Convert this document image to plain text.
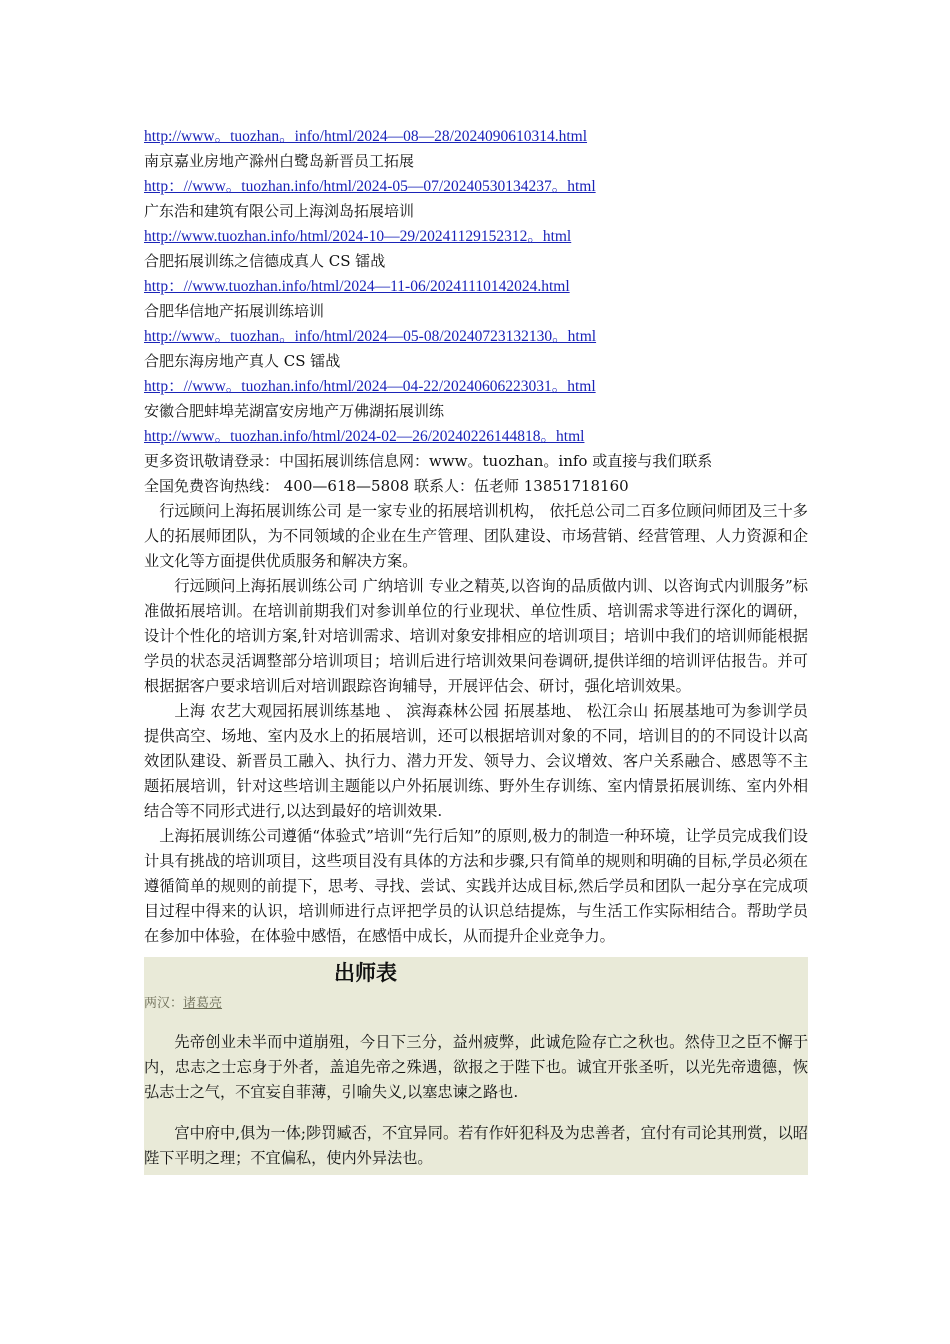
http://www。tuozhan。info/html/2024—08—28/2024090610314.html
南京嘉业房地产滁州白鹭岛新晋员工拓展
http：//www。tuozhan.info/html/2024-05—07/20240530134237。html
广东浩和建筑有限公司上海浏岛拓展培训
http://www.tuozhan.info/html/2024-10—29/20241129152312。html
合肥拓展训练之信德成真人 CS 镭战
http：//www.tuozhan.info/html/2024—11-06/20241110142024.html
合肥华信地产拓展训练培训
http://www。tuozhan。info/html/2024—05-08/20240723132130。html
合肥东海房地产真人 CS 镭战
http：//www。tuozhan.info/html/2024—04-22/20240606223031。html
安徽合肥蚌埠芜湖富安房地产万佛湖拓展训练
http://www。tuozhan.info/html/2024-02—26/20240226144818。html
更多资讯敬请登录：中国拓展训练信息网：www。tuozhan。info 或直接与我们联系
全国免费咨询热线： 400—618—5808 联系人：伍老师 13851718160

行远顾问上海拓展训练公司 是一家专业的拓展培训机构， 依托总公司二百多位顾问师团及三十多人的拓展师团队，为不同领域的企业在生产管理、团队建设、市场营销、经营管理、人力资源和企业文化等方面提供优质服务和解决方案。

行远顾问上海拓展训练公司 广纳培训 专业之精英,以咨询的品质做内训、以咨询式内训服务”标准做拓展培训。在培训前期我们对参训单位的行业现状、单位性质、培训需求等进行深化的调研，设计个性化的培训方案,针对培训需求、培训对象安排相应的培训项目；培训中我们的培训师能根据学员的状态灵活调整部分培训项目；培训后进行培训效果问卷调研,提供详细的培训评估报告。并可根据据客户要求培训后对培训跟踪咨询辅导，开展评估会、研讨，强化培训效果。

上海 农艺大观园拓展训练基地 、 滨海森林公园 拓展基地、 松江佘山 拓展基地可为参训学员提供高空、场地、室内及水上的拓展培训，还可以根据培训对象的不同，培训目的的不同设计以高效团队建设、新晋员工融入、执行力、潜力开发、领导力、会议增效、客户关系融合、感恩等不主题拓展培训，针对这些培训主题能以户外拓展训练、野外生存训练、室内情景拓展训练、室内外相结合等不同形式进行,以达到最好的培训效果.

上海拓展训练公司遵循“体验式”培训“先行后知”的原则,极力的制造一种环境，让学员完成我们设计具有挑战的培训项目，这些项目没有具体的方法和步骤,只有简单的规则和明确的目标,学员必须在遵循简单的规则的前提下，思考、寻找、尝试、实践并达成目标,然后学员和团队一起分享在完成项目过程中得来的认识，培训师进行点评把学员的认识总结提炼，与生活工作实际相结合。帮助学员在参加中体验，在体验中感悟，在感悟中成长，从而提升企业竞争力。

出师表
两汉：诸葛亮

先帝创业未半而中道崩殂，今日下三分，益州疲弊，此诚危险存亡之秋也。然侍卫之臣不懈于内，忠志之士忘身于外者，盖追先帝之殊遇，欲报之于陛下也。诚宜开张圣听，以光先帝遗德，恢弘志士之气，不宜妄自菲薄，引喻失义,以塞忠谏之路也.

宫中府中,俱为一体;陟罚臧否，不宜异同。若有作奸犯科及为忠善者，宜付有司论其刑赏，以昭陛下平明之理；不宜偏私，使内外异法也。
